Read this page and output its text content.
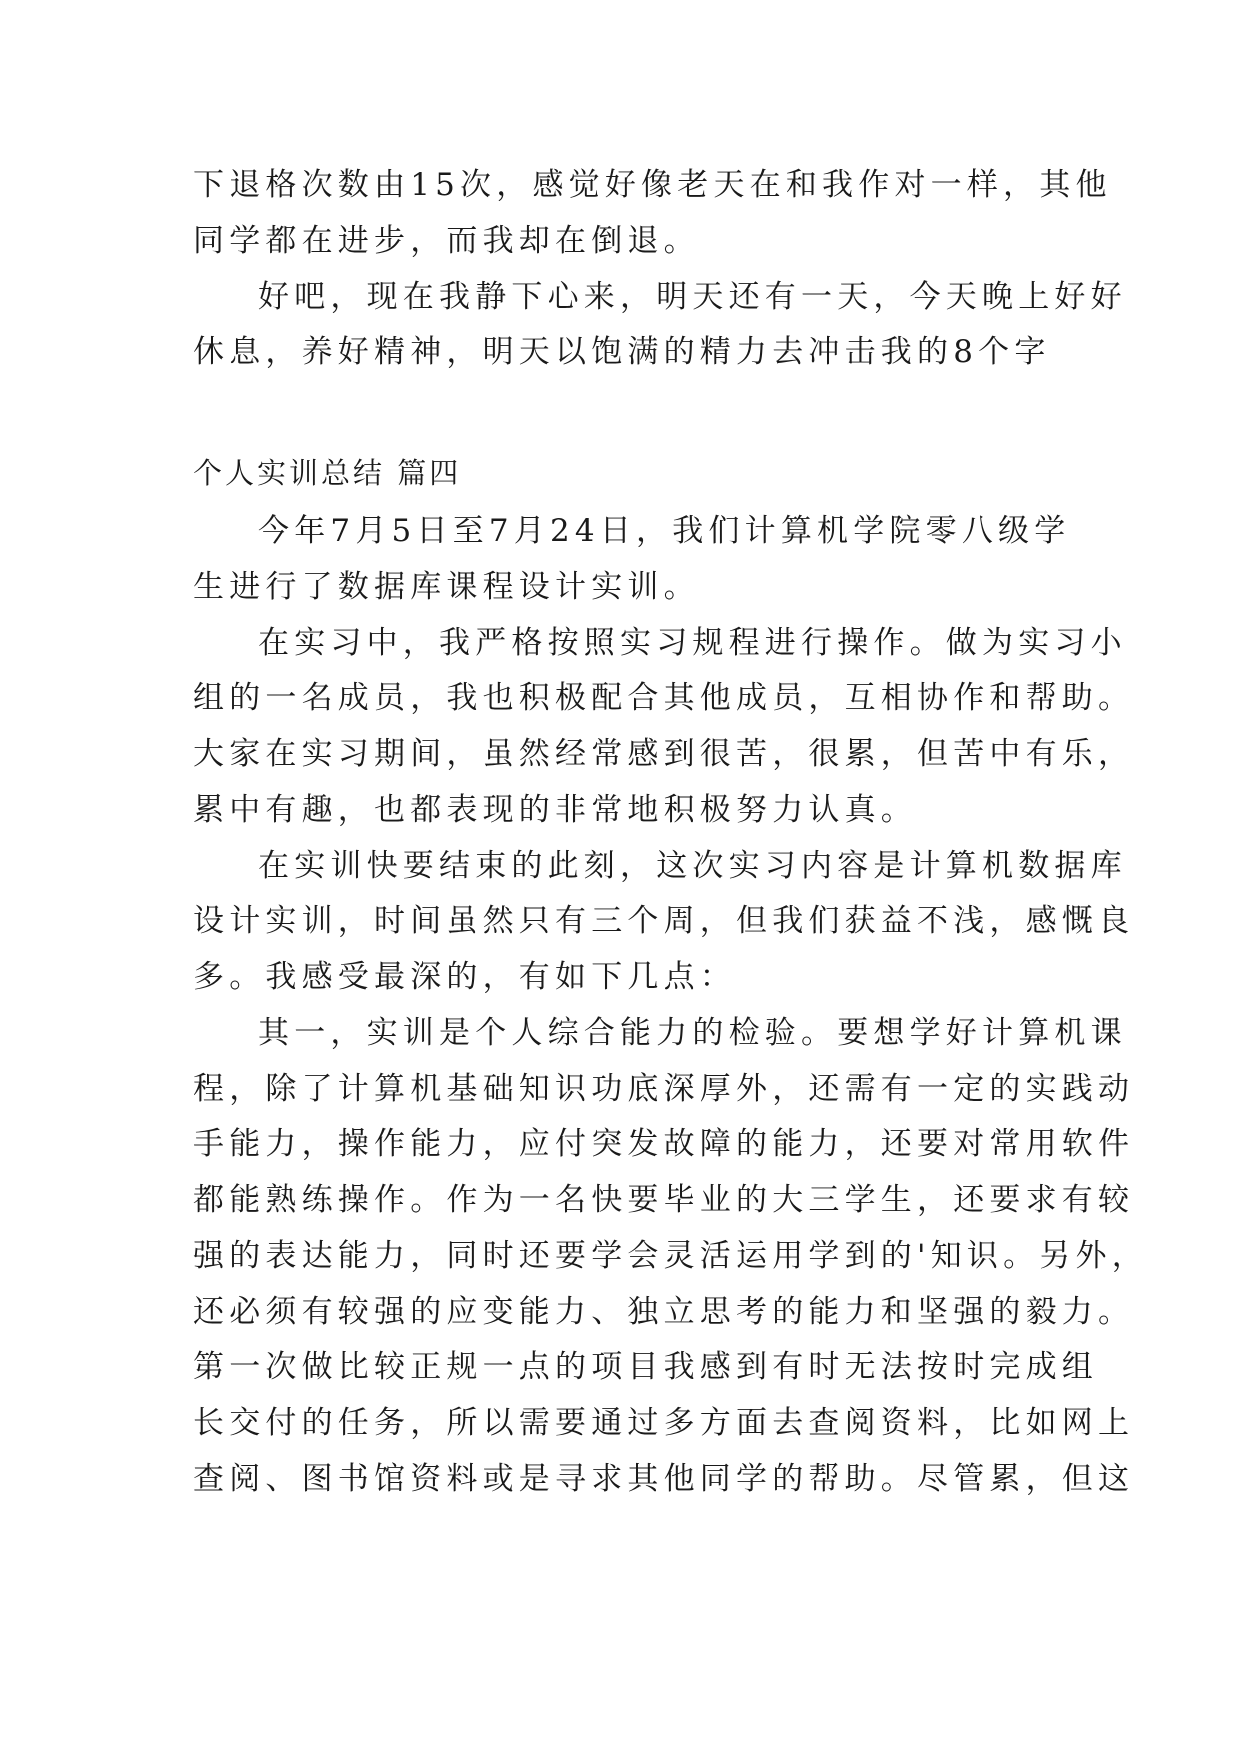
下退格次数由15次，感觉好像老天在和我作对一样，其他
同学都在进步，而我却在倒退。
好吧，现在我静下心来，明天还有一天，今天晚上好好
休息，养好精神，明天以饱满的精力去冲击我的8个字
个人实训总结 篇四
今年7月5日至7月24日，我们计算机学院零八级学
生进行了数据库课程设计实训。
在实习中，我严格按照实习规程进行操作。做为实习小
组的一名成员，我也积极配合其他成员，互相协作和帮助。
大家在实习期间，虽然经常感到很苦，很累，但苦中有乐，
累中有趣，也都表现的非常地积极努力认真。
在实训快要结束的此刻，这次实习内容是计算机数据库
设计实训，时间虽然只有三个周，但我们获益不浅，感慨良
多。我感受最深的，有如下几点：
其一，实训是个人综合能力的检验。要想学好计算机课
程，除了计算机基础知识功底深厚外，还需有一定的实践动
手能力，操作能力，应付突发故障的能力，还要对常用软件
都能熟练操作。作为一名快要毕业的大三学生，还要求有较
强的表达能力，同时还要学会灵活运用学到的'知识。另外，
还必须有较强的应变能力、独立思考的能力和坚强的毅力。
第一次做比较正规一点的项目我感到有时无法按时完成组
长交付的任务，所以需要通过多方面去查阅资料，比如网上
查阅、图书馆资料或是寻求其他同学的帮助。尽管累，但这
